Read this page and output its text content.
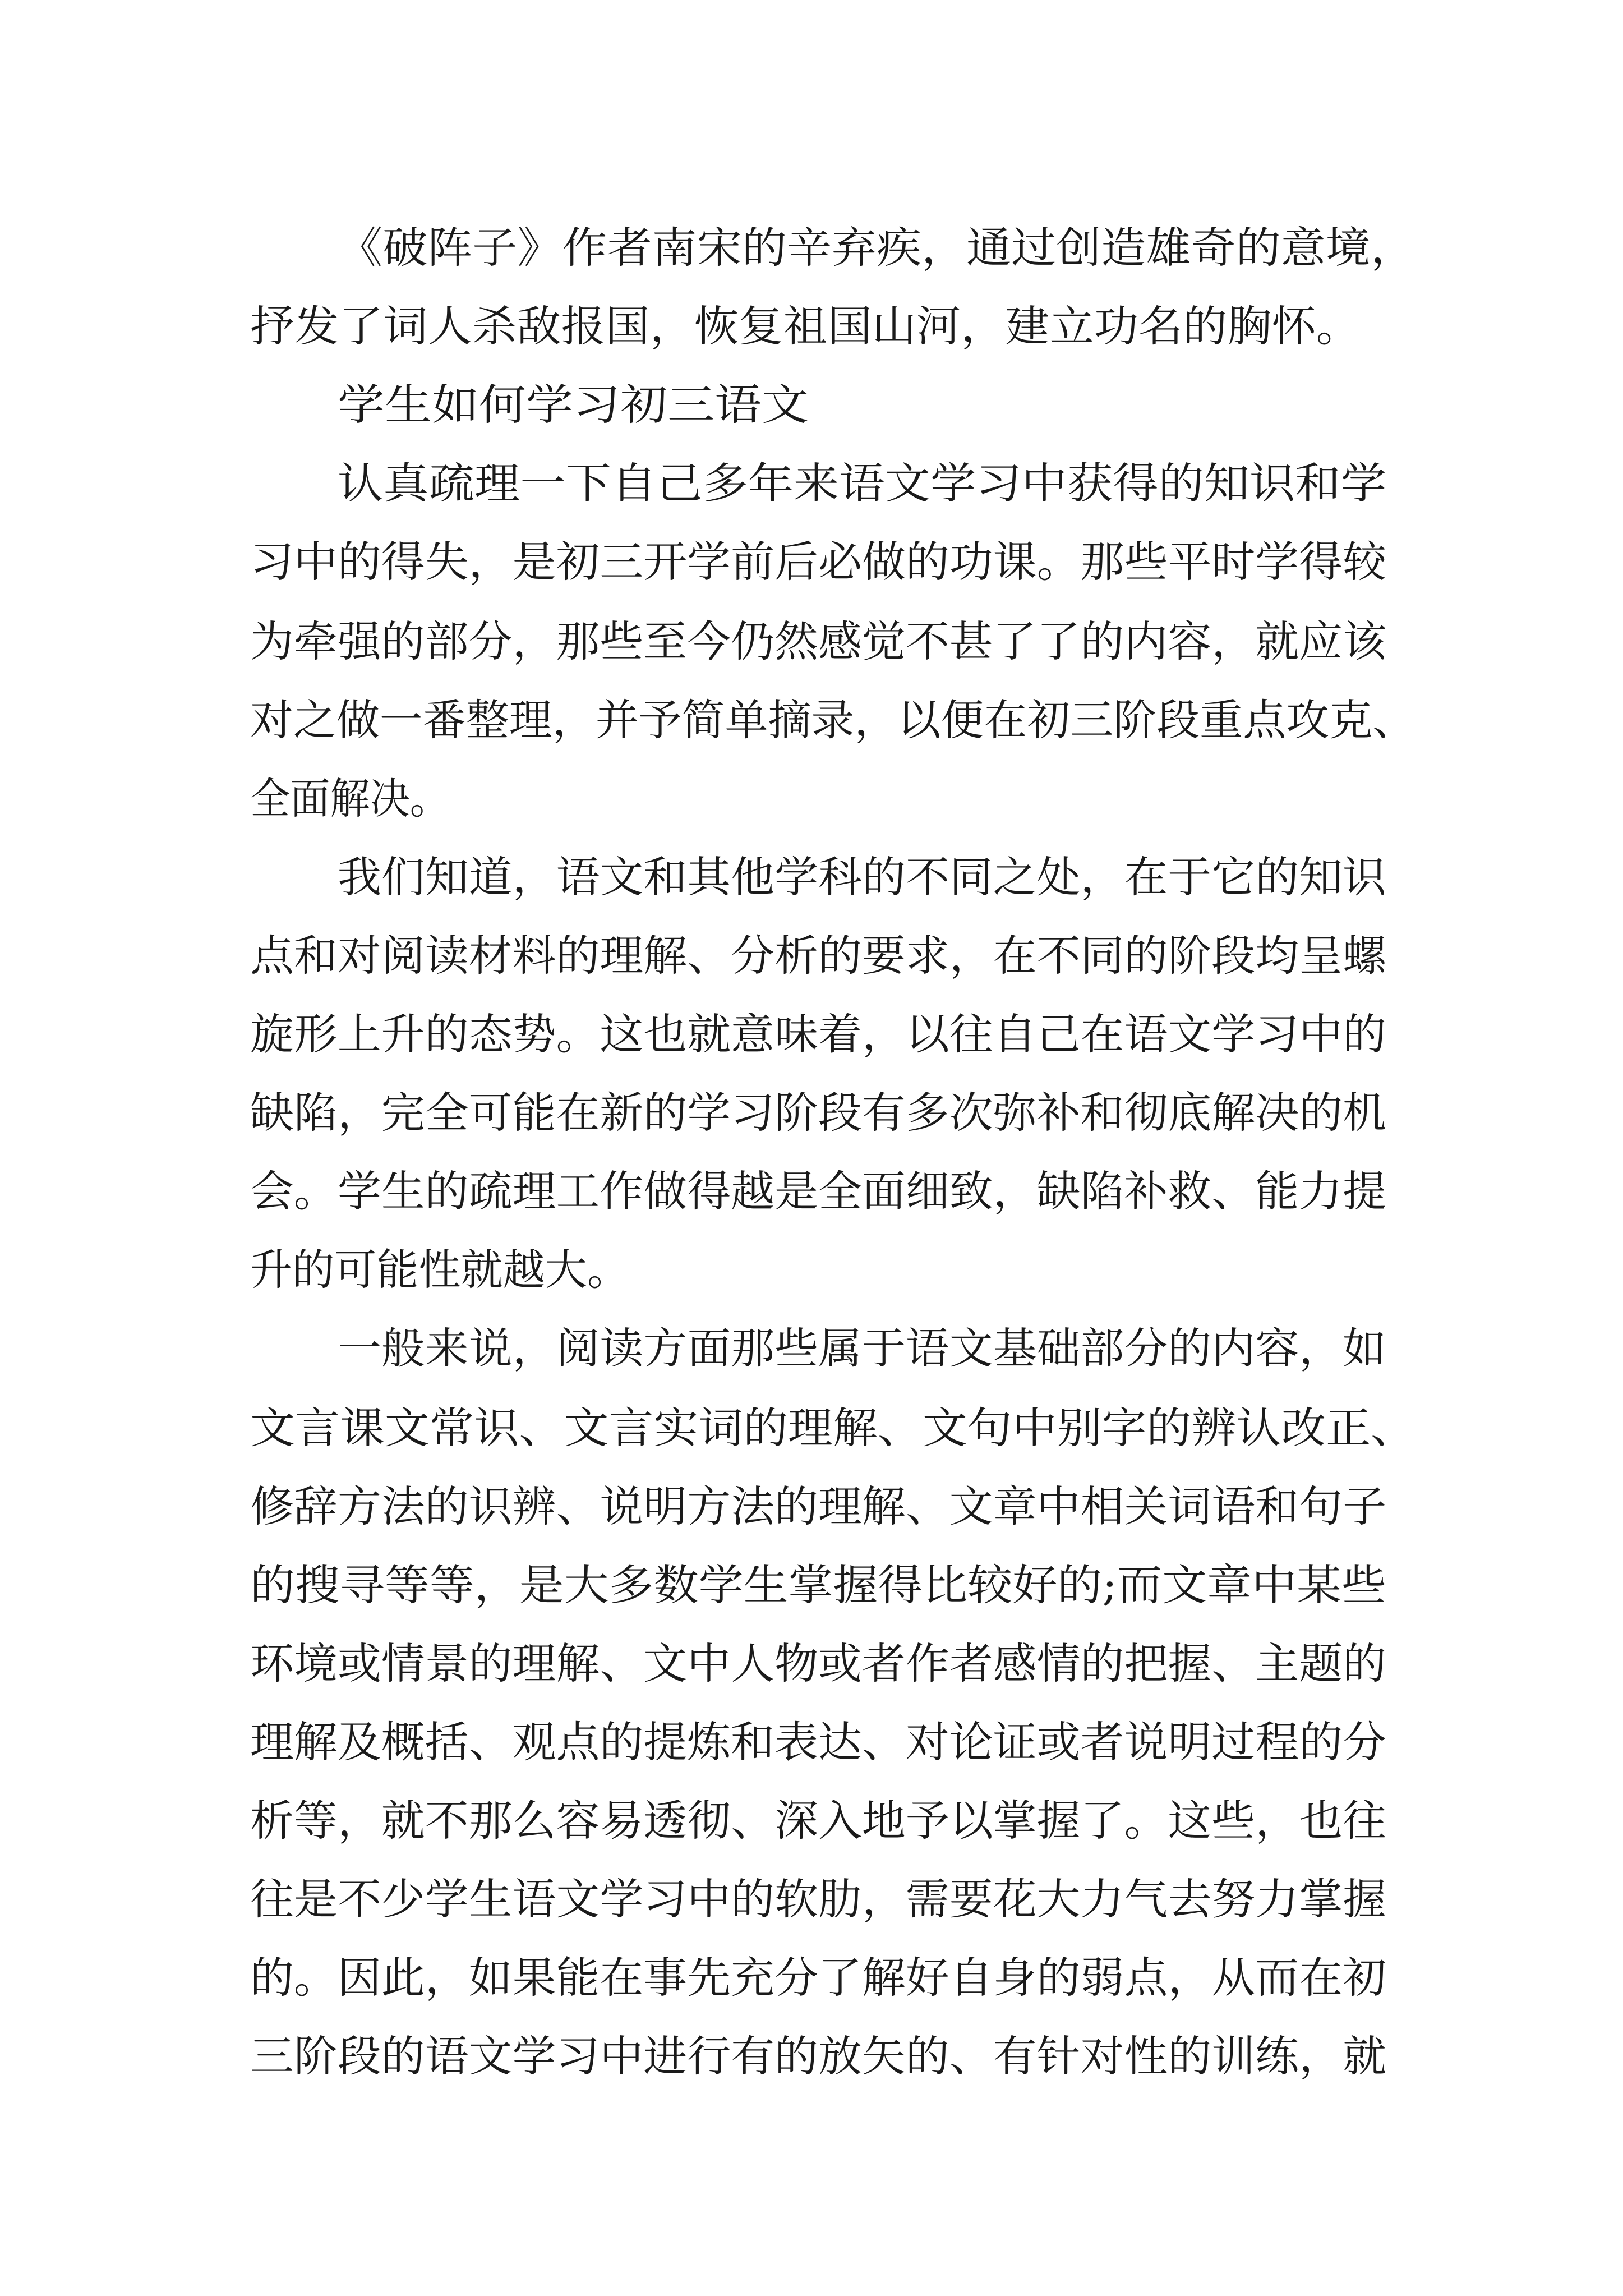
《破阵子》作者南宋的辛弃疾，通过创造雄奇的意境，
抒发了词人杀敌报国，恢复祖国山河，建立功名的胸怀。
学生如何学习初三语文
认真疏理一下自己多年来语文学习中获得的知识和学
习中的得失，是初三开学前后必做的功课。那些平时学得较
为牵强的部分，那些至今仍然感觉不甚了了的内容，就应该
对之做一番整理，并予简单摘录，以便在初三阶段重点攻克、
全面解决。
我们知道，语文和其他学科的不同之处，在于它的知识
点和对阅读材料的理解、分析的要求，在不同的阶段均呈螺
旋形上升的态势。这也就意味着，以往自己在语文学习中的
缺陷，完全可能在新的学习阶段有多次弥补和彻底解决的机
会。学生的疏理工作做得越是全面细致，缺陷补救、能力提
升的可能性就越大。
一般来说，阅读方面那些属于语文基础部分的内容，如
文言课文常识、文言实词的理解、文句中别字的辨认改正、
修辞方法的识辨、说明方法的理解、文章中相关词语和句子
的搜寻等等，是大多数学生掌握得比较好的;而文章中某些
环境或情景的理解、文中人物或者作者感情的把握、主题的
理解及概括、观点的提炼和表达、对论证或者说明过程的分
析等，就不那么容易透彻、深入地予以掌握了。这些，也往
往是不少学生语文学习中的软肋，需要花大力气去努力掌握
的。因此，如果能在事先充分了解好自身的弱点，从而在初
三阶段的语文学习中进行有的放矢的、有针对性的训练，就
